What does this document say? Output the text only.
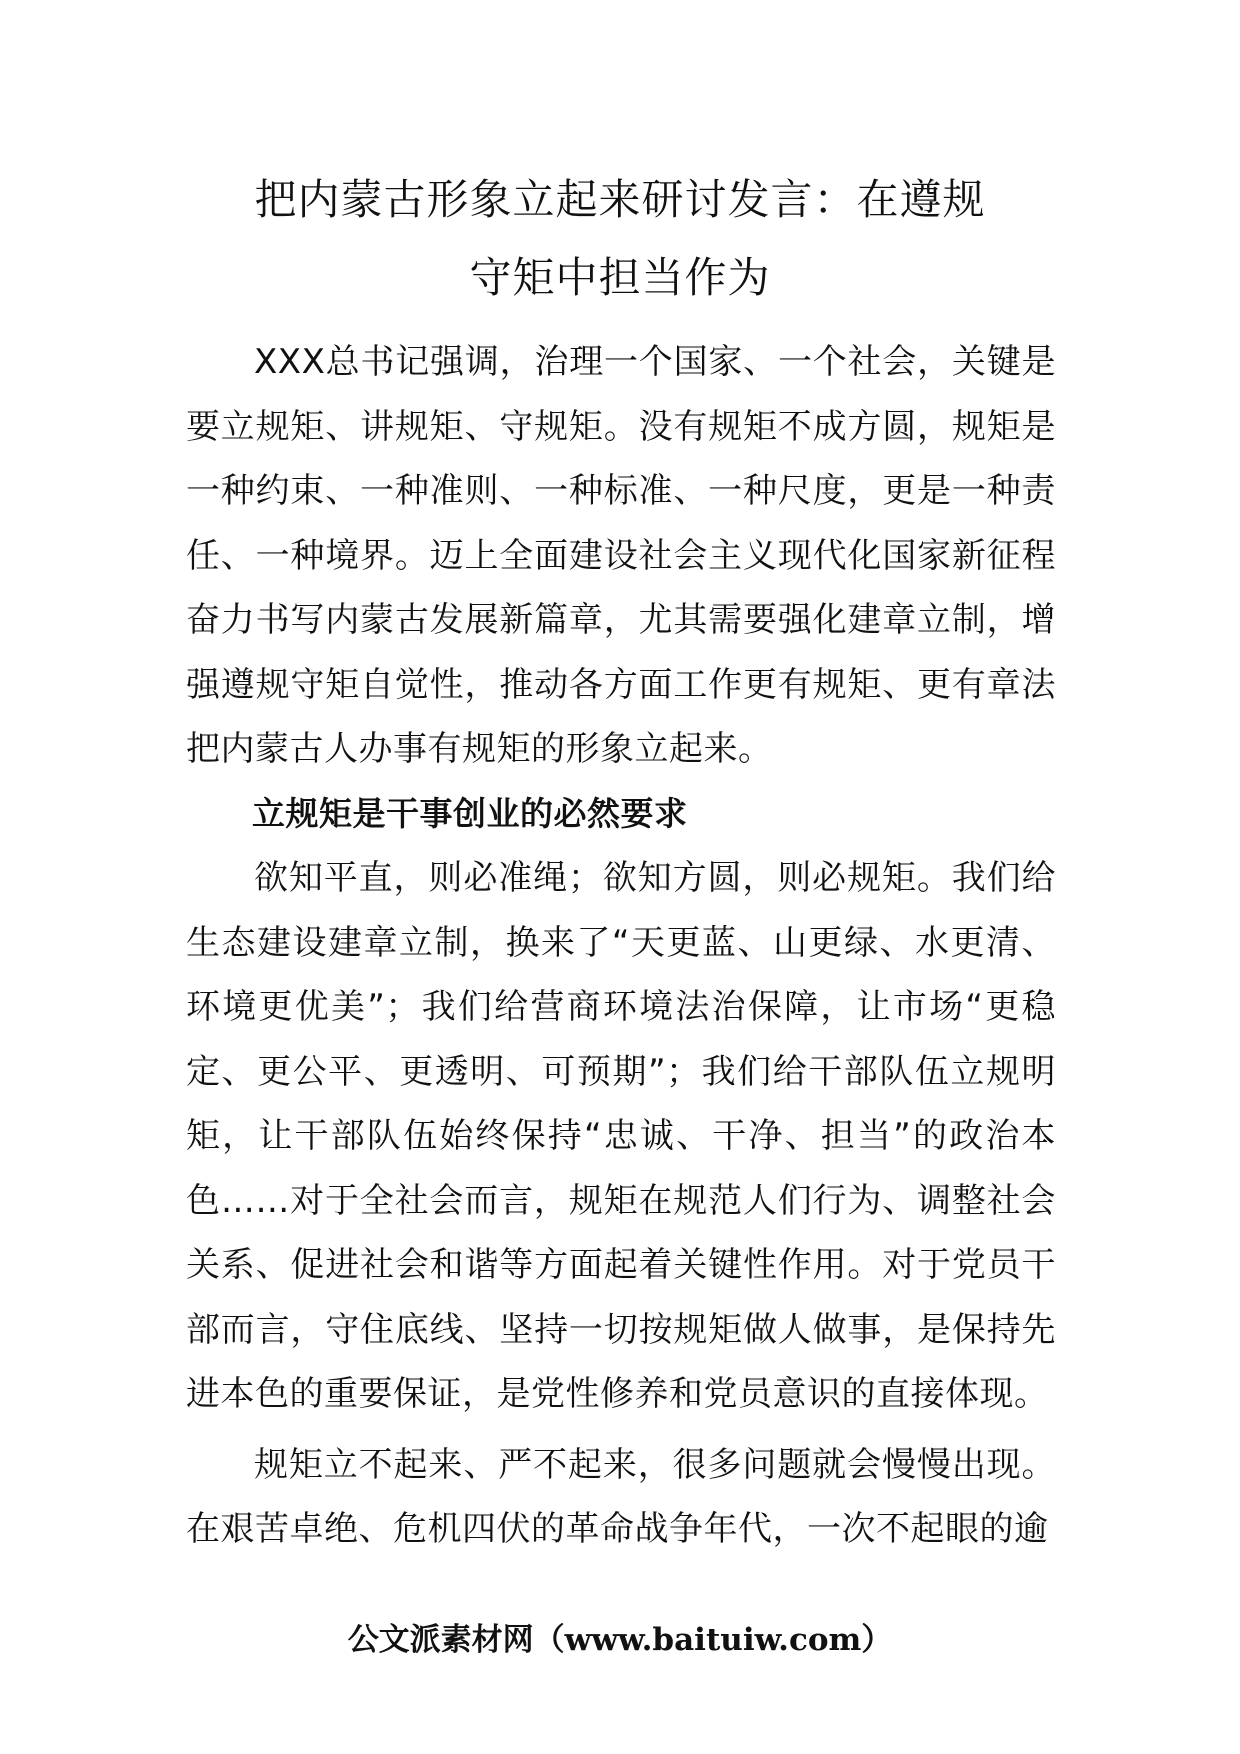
把内蒙古形象立起来研讨发言：在遵规
守矩中担当作为

XXX总书记强调，治理一个国家、一个社会，关键是要立规矩、讲规矩、守规矩。没有规矩不成方圆，规矩是一种约束、一种准则、一种标准、一种尺度，更是一种责任、一种境界。迈上全面建设社会主义现代化国家新征程奋力书写内蒙古发展新篇章，尤其需要强化建章立制，增强遵规守矩自觉性，推动各方面工作更有规矩、更有章法把内蒙古人办事有规矩的形象立起来。

立规矩是干事创业的必然要求

欲知平直，则必准绳；欲知方圆，则必规矩。我们给生态建设建章立制，换来了“天更蓝、山更绿、水更清、环境更优美”；我们给营商环境法治保障，让市场“更稳定、更公平、更透明、可预期”；我们给干部队伍立规明矩，让干部队伍始终保持“忠诚、干净、担当”的政治本色……对于全社会而言，规矩在规范人们行为、调整社会关系、促进社会和谐等方面起着关键性作用。对于党员干部而言，守住底线、坚持一切按规矩做人做事，是保持先进本色的重要保证，是党性修养和党员意识的直接体现。

规矩立不起来、严不起来，很多问题就会慢慢出现。在艰苦卓绝、危机四伏的革命战争年代，一次不起眼的逾

公文派素材网（www.baituiw.com）
